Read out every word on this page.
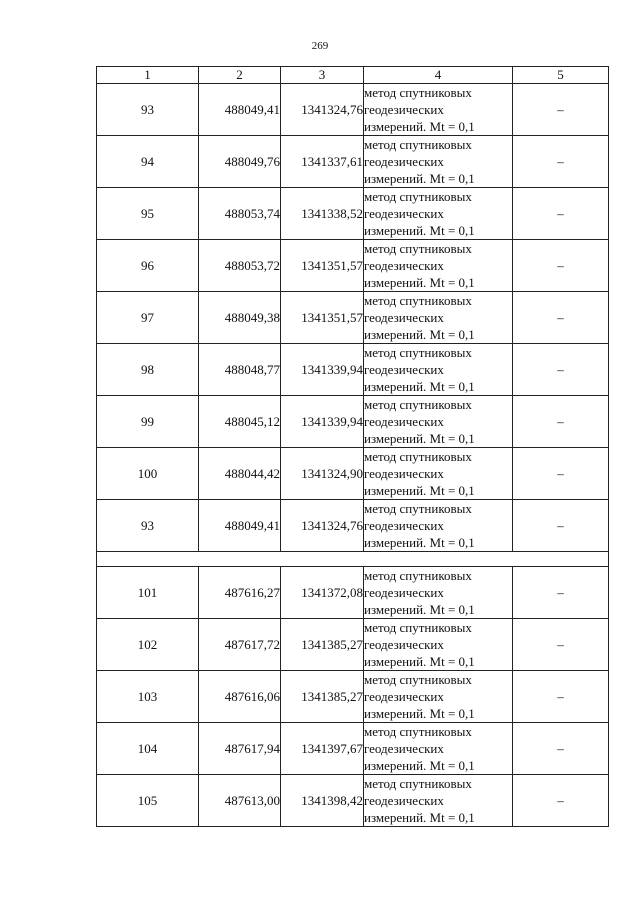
269
1	2	3	4	5
93	488049,41	1341324,76	метод спутниковых
геодезических
измерений. Mt = 0,1	–
94	488049,76	1341337,61	метод спутниковых
геодезических
измерений. Mt = 0,1	–
95	488053,74	1341338,52	метод спутниковых
геодезических
измерений. Mt = 0,1	–
96	488053,72	1341351,57	метод спутниковых
геодезических
измерений. Mt = 0,1	–
97	488049,38	1341351,57	метод спутниковых
геодезических
измерений. Mt = 0,1	–
98	488048,77	1341339,94	метод спутниковых
геодезических
измерений. Mt = 0,1	–
99	488045,12	1341339,94	метод спутниковых
геодезических
измерений. Mt = 0,1	–
100	488044,42	1341324,90	метод спутниковых
геодезических
измерений. Mt = 0,1	–
93	488049,41	1341324,76	метод спутниковых
геодезических
измерений. Mt = 0,1	–

101	487616,27	1341372,08	метод спутниковых
геодезических
измерений. Mt = 0,1	–
102	487617,72	1341385,27	метод спутниковых
геодезических
измерений. Mt = 0,1	–
103	487616,06	1341385,27	метод спутниковых
геодезических
измерений. Mt = 0,1	–
104	487617,94	1341397,67	метод спутниковых
геодезических
измерений. Mt = 0,1	–
105	487613,00	1341398,42	метод спутниковых
геодезических
измерений. Mt = 0,1	–
